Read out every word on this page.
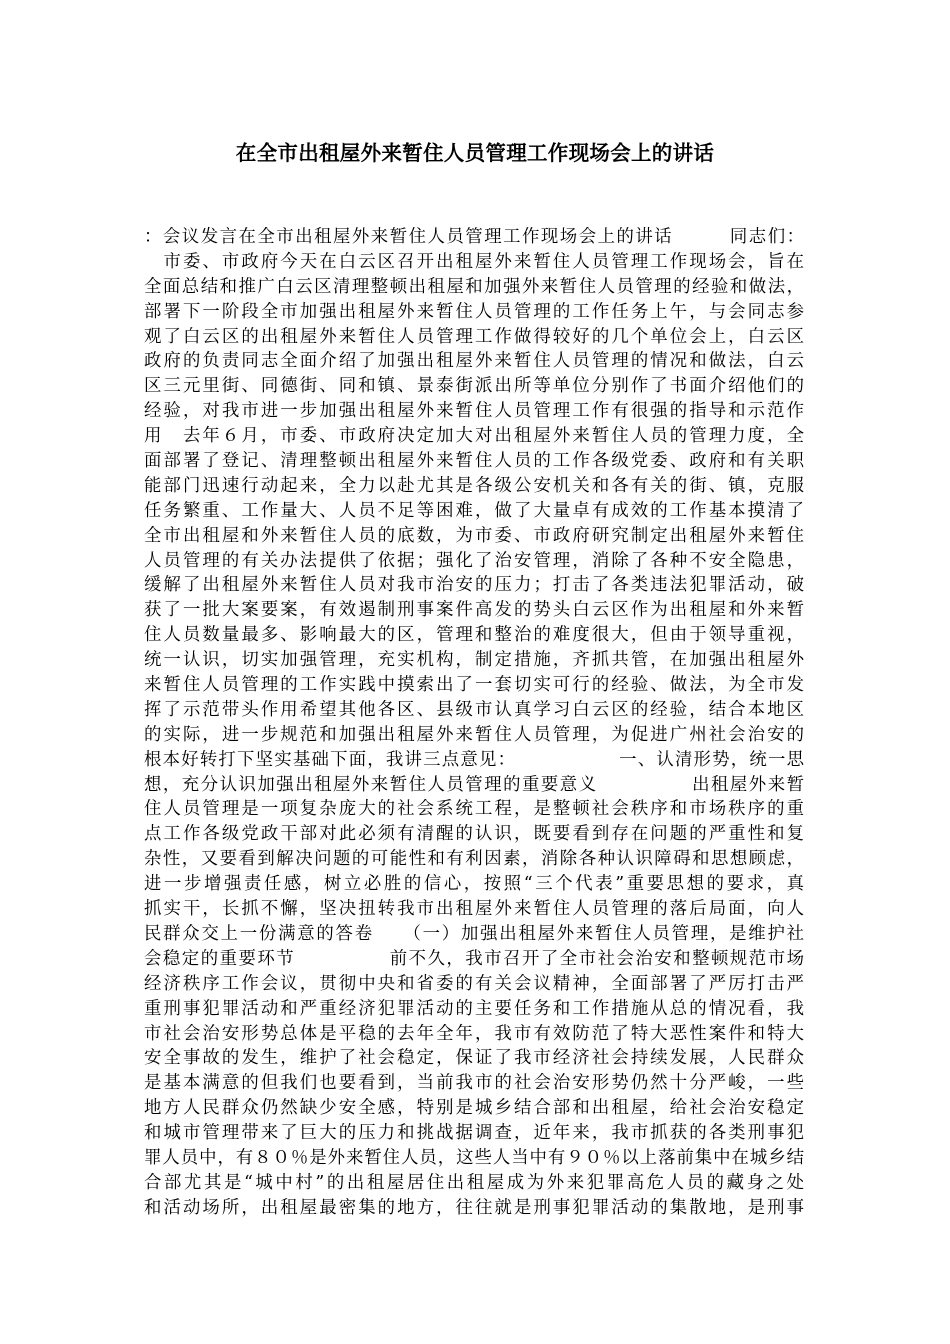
在全市出租屋外来暂住人员管理工作现场会上的讲话
：会议发言在全市出租屋外来暂住人员管理工作现场会上的讲话　　　同志们：
　市委、市政府今天在白云区召开出租屋外来暂住人员管理工作现场会，旨在
全面总结和推广白云区清理整顿出租屋和加强外来暂住人员管理的经验和做法，
部署下一阶段全市加强出租屋外来暂住人员管理的工作任务上午，与会同志参
观了白云区的出租屋外来暂住人员管理工作做得较好的几个单位会上，白云区
政府的负责同志全面介绍了加强出租屋外来暂住人员管理的情况和做法，白云
区三元里街、同德街、同和镇、景泰街派出所等单位分别作了书面介绍他们的
经验，对我市进一步加强出租屋外来暂住人员管理工作有很强的指导和示范作
用　去年６月，市委、市政府决定加大对出租屋外来暂住人员的管理力度，全
面部署了登记、清理整顿出租屋外来暂住人员的工作各级党委、政府和有关职
能部门迅速行动起来，全力以赴尤其是各级公安机关和各有关的街、镇，克服
任务繁重、工作量大、人员不足等困难，做了大量卓有成效的工作基本摸清了
全市出租屋和外来暂住人员的底数，为市委、市政府研究制定出租屋外来暂住
人员管理的有关办法提供了依据；强化了治安管理，消除了各种不安全隐患，
缓解了出租屋外来暂住人员对我市治安的压力；打击了各类违法犯罪活动，破
获了一批大案要案，有效遏制刑事案件高发的势头白云区作为出租屋和外来暂
住人员数量最多、影响最大的区，管理和整治的难度很大，但由于领导重视，
统一认识，切实加强管理，充实机构，制定措施，齐抓共管，在加强出租屋外
来暂住人员管理的工作实践中摸索出了一套切实可行的经验、做法，为全市发
挥了示范带头作用希望其他各区、县级市认真学习白云区的经验，结合本地区
的实际，进一步规范和加强出租屋外来暂住人员管理，为促进广州社会治安的
根本好转打下坚实基础下面，我讲三点意见：　　　　　　一、认清形势，统一思
想，充分认识加强出租屋外来暂住人员管理的重要意义　　　　　出租屋外来暂
住人员管理是一项复杂庞大的社会系统工程，是整顿社会秩序和市场秩序的重
点工作各级党政干部对此必须有清醒的认识，既要看到存在问题的严重性和复
杂性，又要看到解决问题的可能性和有利因素，消除各种认识障碍和思想顾虑，
进一步增强责任感，树立必胜的信心，按照“三个代表”重要思想的要求，真
抓实干，长抓不懈，坚决扭转我市出租屋外来暂住人员管理的落后局面，向人
民群众交上一份满意的答卷　　（一）加强出租屋外来暂住人员管理，是维护社
会稳定的重要环节　　　　　前不久，我市召开了全市社会治安和整顿规范市场
经济秩序工作会议，贯彻中央和省委的有关会议精神，全面部署了严厉打击严
重刑事犯罪活动和严重经济犯罪活动的主要任务和工作措施从总的情况看，我
市社会治安形势总体是平稳的去年全年，我市有效防范了特大恶性案件和特大
安全事故的发生，维护了社会稳定，保证了我市经济社会持续发展，人民群众
是基本满意的但我们也要看到，当前我市的社会治安形势仍然十分严峻，一些
地方人民群众仍然缺少安全感，特别是城乡结合部和出租屋，给社会治安稳定
和城市管理带来了巨大的压力和挑战据调查，近年来，我市抓获的各类刑事犯
罪人员中，有８０％是外来暂住人员，这些人当中有９０％以上落前集中在城乡结
合部尤其是“城中村”的出租屋居住出租屋成为外来犯罪高危人员的藏身之处
和活动场所，出租屋最密集的地方，往往就是刑事犯罪活动的集散地，是刑事
